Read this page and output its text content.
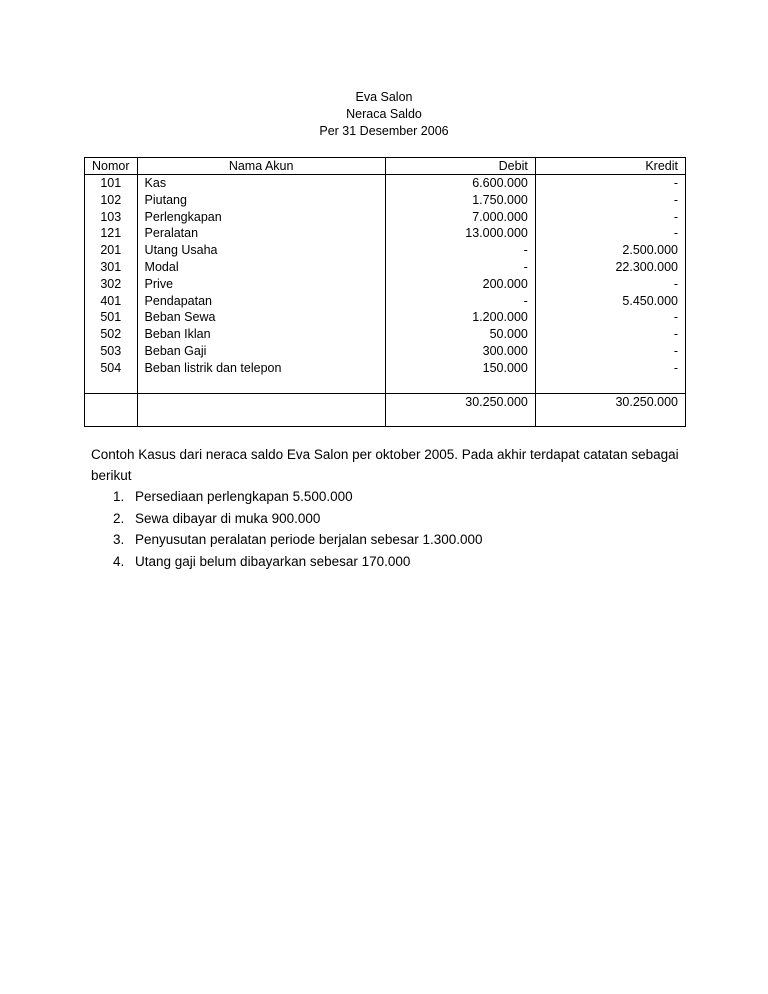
Eva Salon
Neraca Saldo
Per 31 Desember 2006
Nomor	Nama Akun	Debit	Kredit
101	Kas	6.600.000	-
102	Piutang	1.750.000	-
103	Perlengkapan	7.000.000	-
121	Peralatan	13.000.000	-
201	Utang Usaha	-	2.500.000
301	Modal	-	22.300.000
302	Prive	200.000	-
401	Pendapatan	-	5.450.000
501	Beban Sewa	1.200.000	-
502	Beban Iklan	50.000	-
503	Beban Gaji	300.000	-
504	Beban listrik dan telepon	150.000	-

		30.250.000	30.250.000

Contoh Kasus dari neraca saldo Eva Salon per oktober 2005. Pada akhir terdapat catatan sebagai berikut

1. Persediaan perlengkapan 5.500.000
2. Sewa dibayar di muka 900.000
3. Penyusutan peralatan periode berjalan sebesar 1.300.000
4. Utang gaji belum dibayarkan sebesar 170.000
